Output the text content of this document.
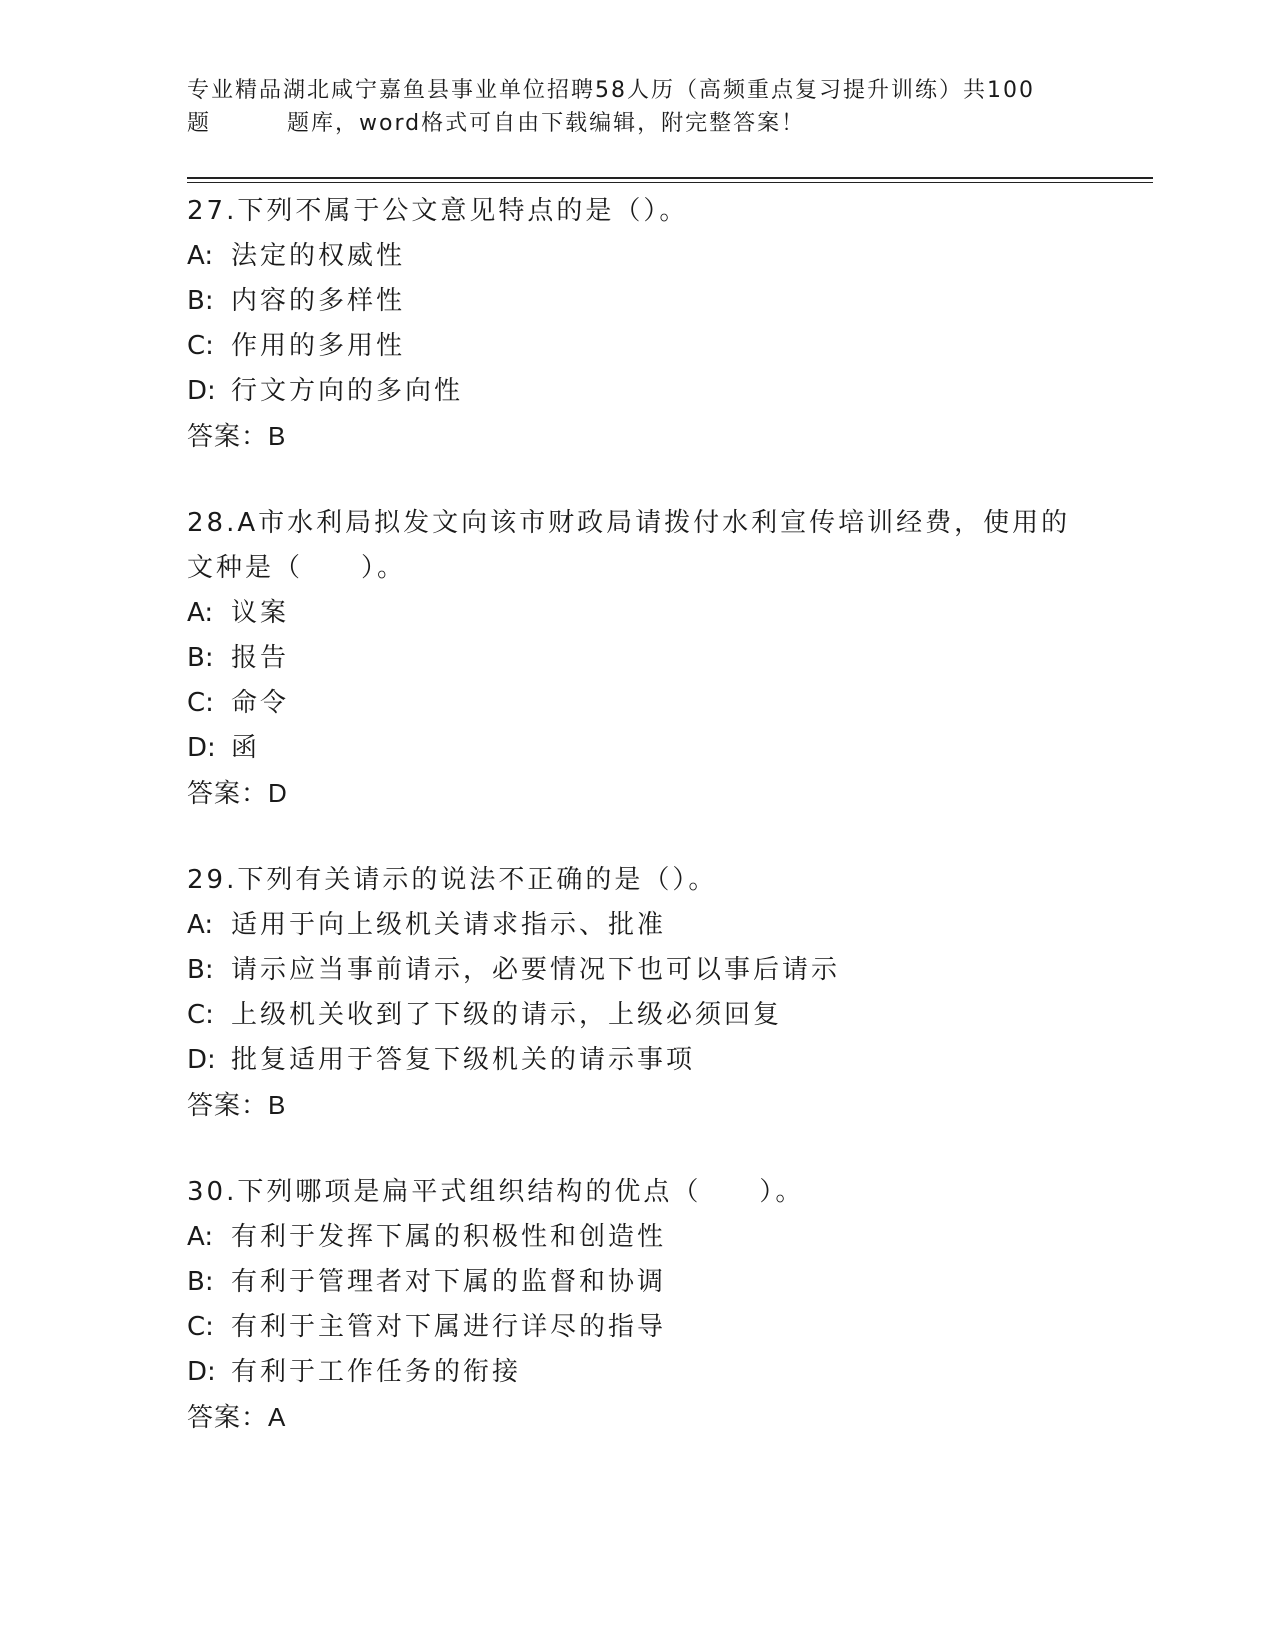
专业精品湖北咸宁嘉鱼县事业单位招聘58人历（高频重点复习提升训练）共100
题	题库，word格式可自由下载编辑，附完整答案！
27.下列不属于公文意见特点的是（）。
A: 法定的权威性
B: 内容的多样性
C: 作用的多用性
D: 行文方向的多向性
答案：B
28.A市水利局拟发文向该市财政局请拨付水利宣传培训经费，使用的文种是（　　）。
A: 议案
B: 报告
C: 命令
D: 函
答案：D
29.下列有关请示的说法不正确的是（）。
A: 适用于向上级机关请求指示、批准
B: 请示应当事前请示，必要情况下也可以事后请示
C: 上级机关收到了下级的请示，上级必须回复
D: 批复适用于答复下级机关的请示事项
答案：B
30.下列哪项是扁平式组织结构的优点（　　）。
A: 有利于发挥下属的积极性和创造性
B: 有利于管理者对下属的监督和协调
C: 有利于主管对下属进行详尽的指导
D: 有利于工作任务的衔接
答案：A
